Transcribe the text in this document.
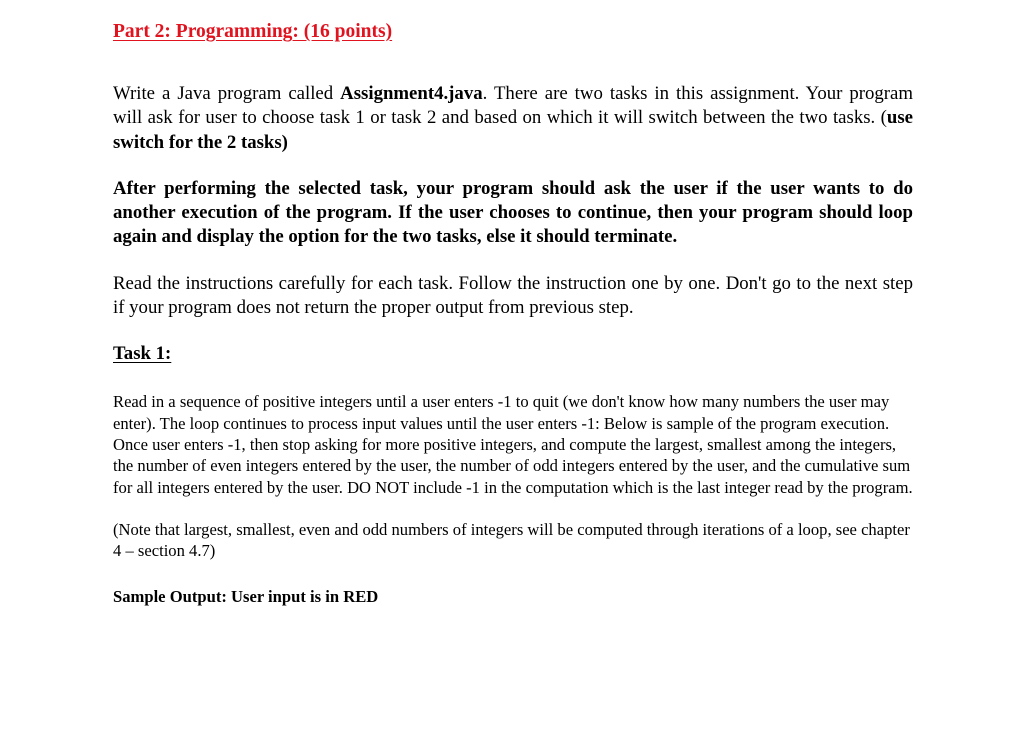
Part 2: Programming: (16 points)

Write a Java program called Assignment4.java. There are two tasks in this assignment. Your program will ask for user to choose task 1 or task 2 and based on which it will switch between the two tasks. (use switch for the 2 tasks)

After performing the selected task, your program should ask the user if the user wants to do another execution of the program. If the user chooses to continue, then your program should loop again and display the option for the two tasks, else it should terminate.

Read the instructions carefully for each task. Follow the instruction one by one. Don't go to the next step if your program does not return the proper output from previous step.

Task 1:

Read in a sequence of positive integers until a user enters -1 to quit (we don't know how many numbers the user may enter). The loop continues to process input values until the user enters -1: Below is sample of the program execution. Once user enters -1, then stop asking for more positive integers, and compute the largest, smallest among the integers, the number of even integers entered by the user, the number of odd integers entered by the user, and the cumulative sum for all integers entered by the user. DO NOT include -1 in the computation which is the last integer read by the program.

(Note that largest, smallest, even and odd numbers of integers will be computed through iterations of a loop, see chapter 4 – section 4.7)

Sample Output: User input is in RED
